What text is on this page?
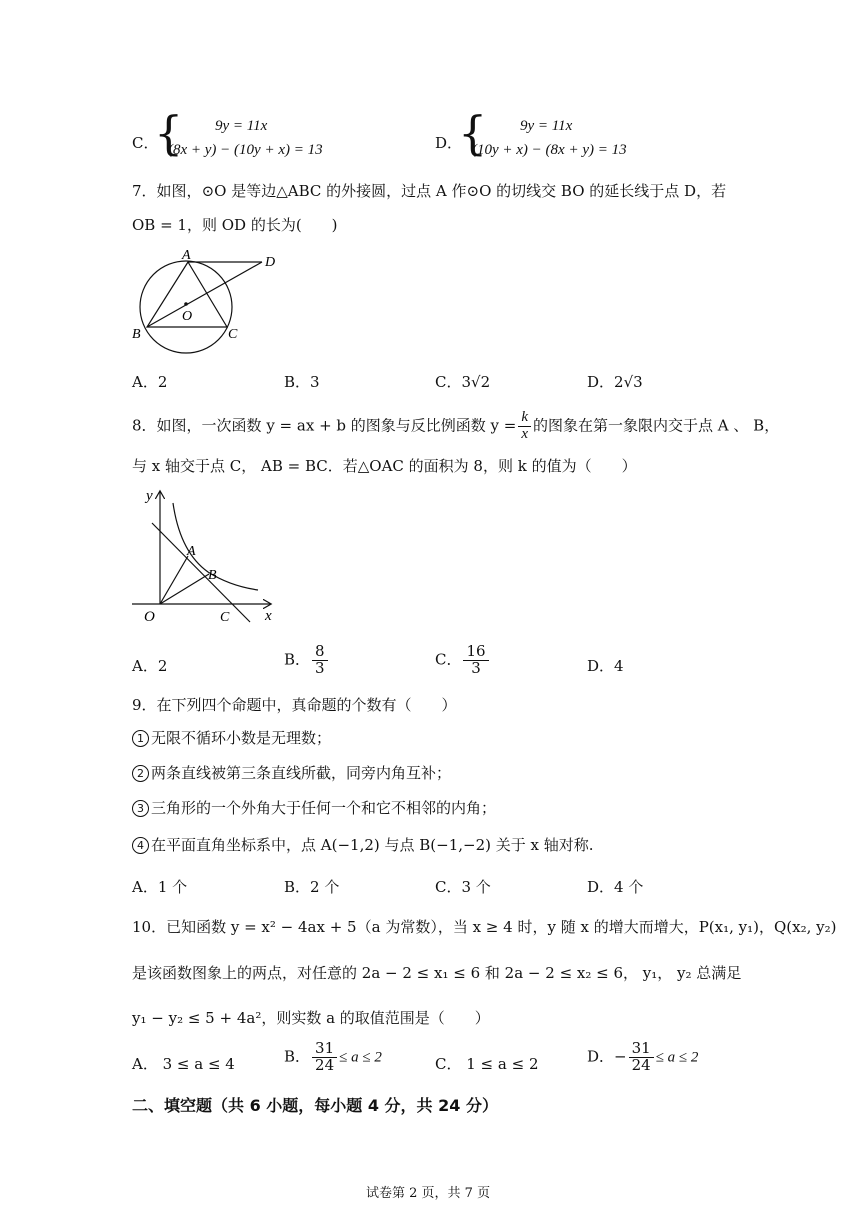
C．
{ 9y = 11x
(8x + y) − (10y + x) = 13	D．
{ 9y = 11x
(10y + x) − (8x + y) = 13
7．如图，⊙O 是等边△ABC 的外接圆，过点 A 作⊙O 的切线交 BO 的延长线于点 D，若
OB = 1，则 OD 的长为(　　)
A	D
O
B	C
A．2	B．3	C．3√2	D．2√3
8．如图，一次函数 y = ax + b 的图象与反比例函数 $y = \frac{k}{x}$ 的图象在第一象限内交于点 A 、 B，
与 x 轴交于点 C， AB = BC．若△OAC 的面积为 8，则 k 的值为（　　）
y
x
O
A
B
C
A．2	B． $\frac{8}{3}$	C． $\frac{16}{3}$	D．4
9．在下列四个命题中，真命题的个数有（　　）
1 无限不循环小数是无理数；
2 两条直线被第三条直线所截，同旁内角互补；
3 三角形的一个外角大于任何一个和它不相邻的内角；
4 在平面直角坐标系中，点 A(−1,2) 与点 B(−1,−2) 关于 x 轴对称.
A．1 个	B．2 个	C．3 个	D．4 个
10．已知函数 y = x² − 4ax + 5（a 为常数），当 x ≥ 4 时，y 随 x 的增大而增大，P(x₁, y₁)，Q(x₂, y₂)
是该函数图象上的两点，对任意的 2a − 2 ≤ x₁ ≤ 6 和 2a − 2 ≤ x₂ ≤ 6， y₁， y₂ 总满足
y₁ − y₂ ≤ 5 + 4a²，则实数 a 的取值范围是（　　）
A． 3 ≤ a ≤ 4	B． $\frac{31}{24} \le a \le 2$	C． 1 ≤ a ≤ 2	D．− $\frac{31}{24} \le a \le 2$
二、填空题（共 6 小题，每小题 4 分，共 24 分）
试卷第 2 页，共 7 页
